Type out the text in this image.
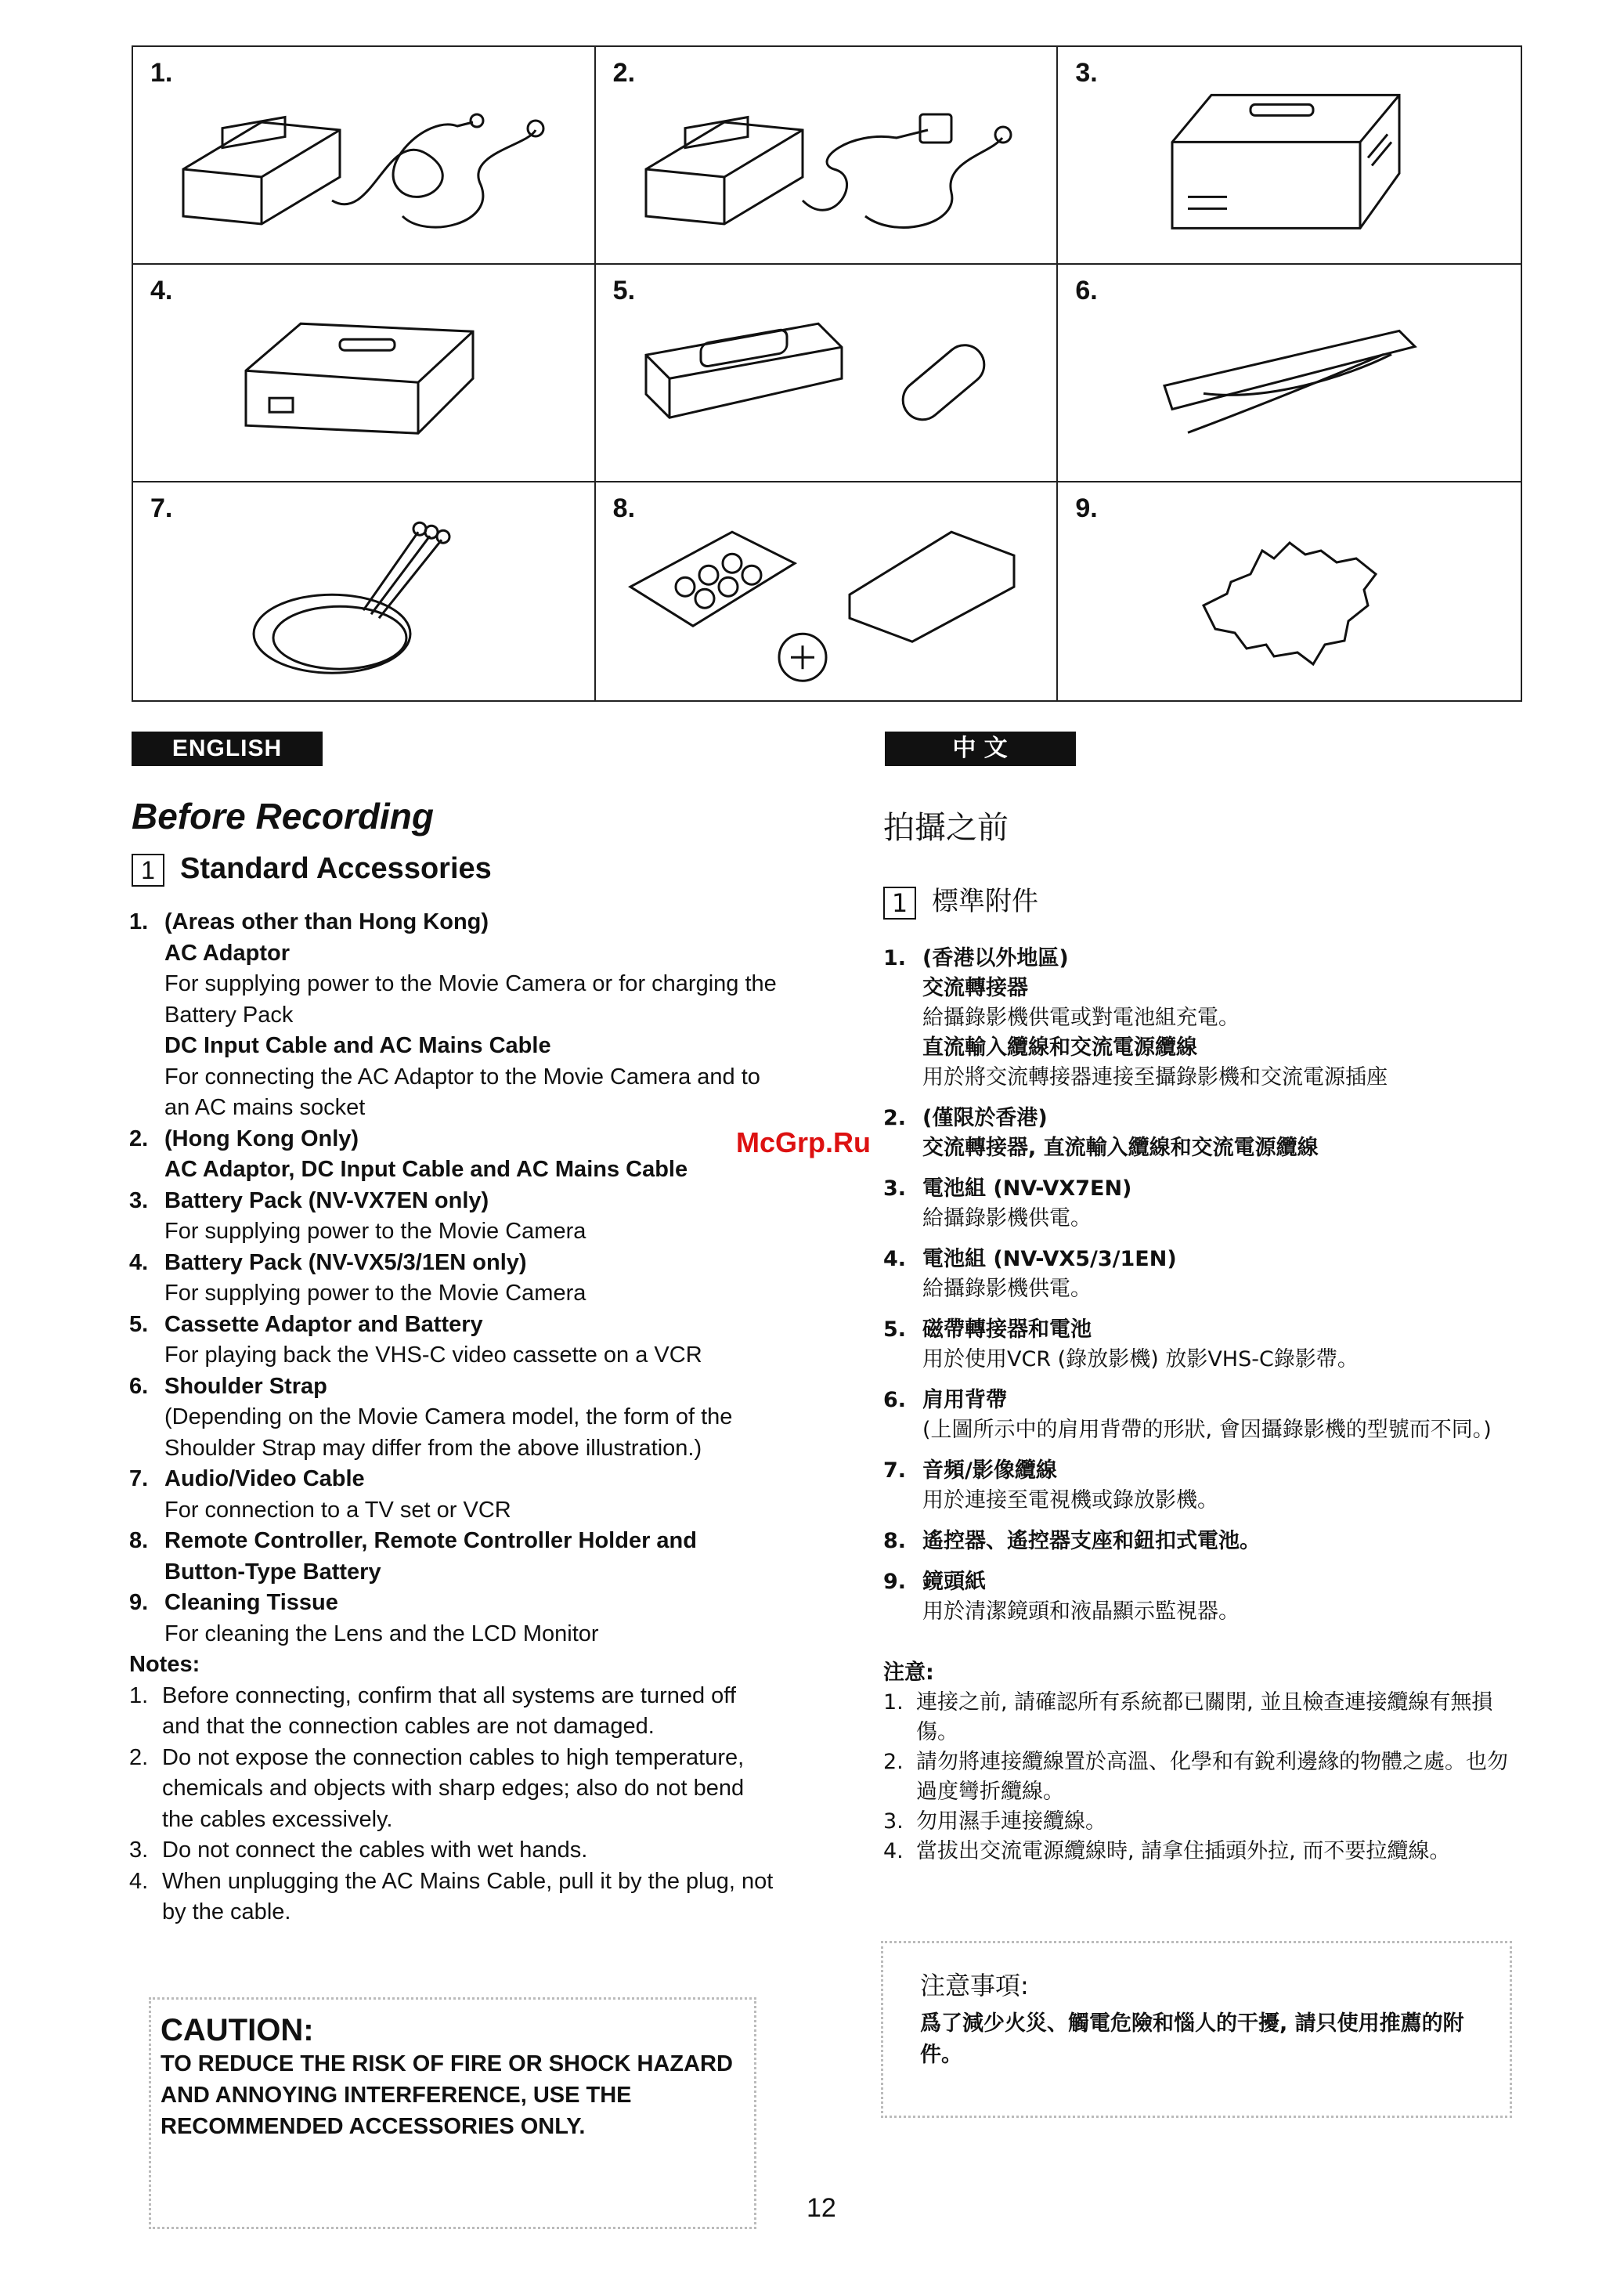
1.	2.	3.
4.	5.	6.
7.	8.	9.
ENGLISH	中 文
Before Recording	拍攝之前
1 Standard Accessories
1 標準附件
1. (Areas other than Hong Kong)
AC Adaptor
For supplying power to the Movie Camera or for charging the Battery Pack
DC Input Cable and AC Mains Cable
For connecting the AC Adaptor to the Movie Camera and to an AC mains socket
2. (Hong Kong Only)
AC Adaptor, DC Input Cable and AC Mains Cable
3. Battery Pack (NV-VX7EN only)
For supplying power to the Movie Camera
4. Battery Pack (NV-VX5/3/1EN only)
For supplying power to the Movie Camera
5. Cassette Adaptor and Battery
For playing back the VHS-C video cassette on a VCR
6. Shoulder Strap
(Depending on the Movie Camera model, the form of the Shoulder Strap may differ from the above illustration.)
7. Audio/Video Cable
For connection to a TV set or VCR
8. Remote Controller, Remote Controller Holder and Button-Type Battery
9. Cleaning Tissue
For cleaning the Lens and the LCD Monitor
Notes:
1. Before connecting, confirm that all systems are turned off and that the connection cables are not damaged.
2. Do not expose the connection cables to high temperature, chemicals and objects with sharp edges; also do not bend the cables excessively.
3. Do not connect the cables with wet hands.
4. When unplugging the AC Mains Cable, pull it by the plug, not by the cable.
1. (香港以外地區)
交流轉接器
給攝錄影機供電或對電池組充電。
直流輸入纜線和交流電源纜線
用於將交流轉接器連接至攝錄影機和交流電源插座
2. (僅限於香港)
交流轉接器, 直流輸入纜線和交流電源纜線
3. 電池組 (NV-VX7EN)
給攝錄影機供電。
4. 電池組 (NV-VX5/3/1EN)
給攝錄影機供電。
5. 磁帶轉接器和電池
用於使用VCR (錄放影機) 放影VHS-C錄影帶。
6. 肩用背帶
(上圖所示中的肩用背帶的形狀, 會因攝錄影機的型號而不同。)
7. 音頻/影像纜線
用於連接至電視機或錄放影機。
8. 遙控器、遙控器支座和鈕扣式電池。
9. 鏡頭紙
用於清潔鏡頭和液晶顯示監視器。
注意:
1. 連接之前, 請確認所有系統都已關閉, 並且檢查連接纜線有無損傷。
2. 請勿將連接纜線置於高溫、化學和有銳利邊緣的物體之處。也勿過度彎折纜線。
3. 勿用濕手連接纜線。
4. 當拔出交流電源纜線時, 請拿住插頭外拉, 而不要拉纜線。
CAUTION:
TO REDUCE THE RISK OF FIRE OR SHOCK HAZARD AND ANNOYING INTERFERENCE, USE THE RECOMMENDED ACCESSORIES ONLY.
注意事項:
爲了減少火災、觸電危險和惱人的干擾, 請只使用推薦的附件。
McGrp.Ru
12
